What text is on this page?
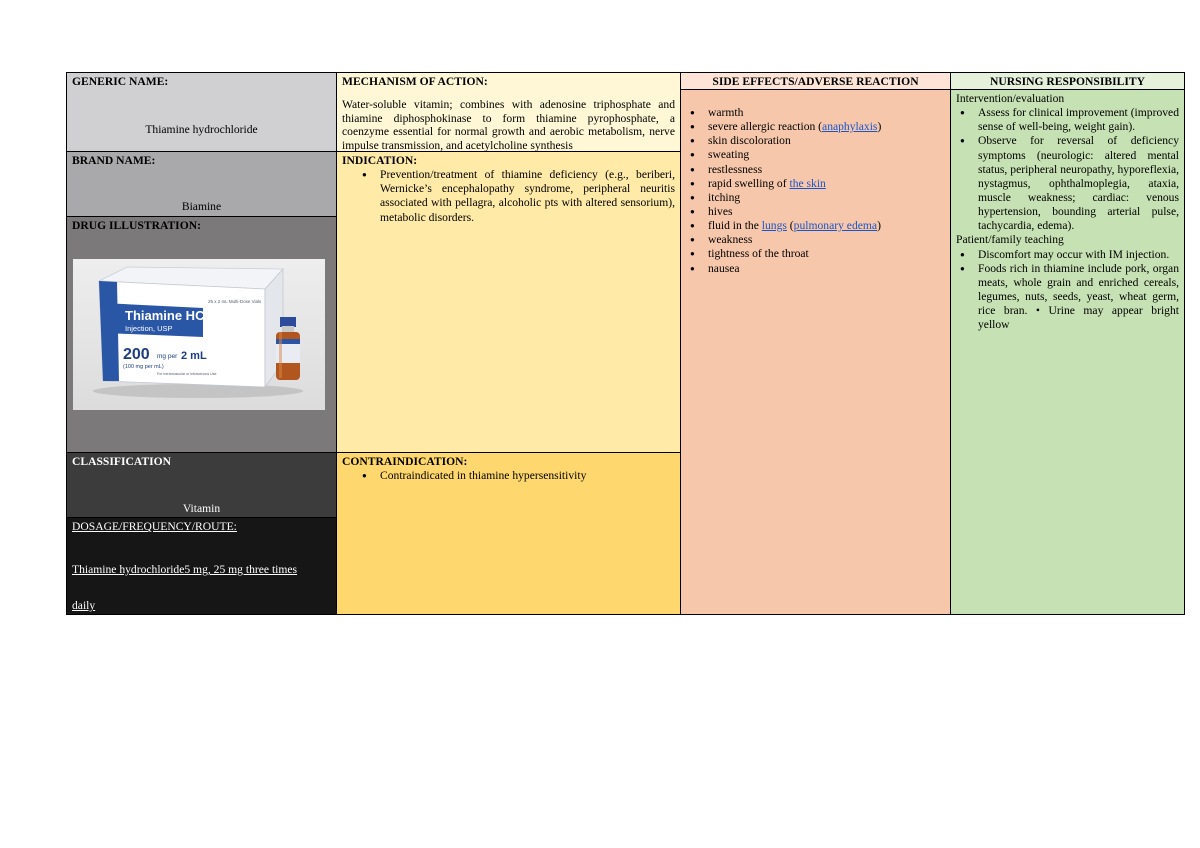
GENERIC NAME:
Thiamine hydrochloride
BRAND NAME:
Biamine
DRUG ILLUSTRATION:
Thiamine HCl
Injection, USP
200 mg per 2 mL
(100 mg per mL)
25 x 2 mL Multi-Dose Vials
For Intramuscular or Intravenous Use
CLASSIFICATION
Vitamin
DOSAGE/FREQUENCY/ROUTE:
Thiamine hydrochloride5 mg, 25 mg three times
daily
MECHANISM OF ACTION:
Water-soluble vitamin; combines with adenosine triphosphate and thiamine diphosphokinase to form thiamine pyrophosphate, a coenzyme essential for normal growth and aerobic metabolism, nerve impulse transmission, and acetylcholine synthesis
INDICATION:
● Prevention/treatment of thiamine deficiency (e.g., beriberi, Wernicke’s encephalopathy syndrome, peripheral neuritis associated with pellagra, alcoholic pts with altered sensorium), metabolic disorders.
CONTRAINDICATION:
● Contraindicated in thiamine hypersensitivity
SIDE EFFECTS/ADVERSE REACTION
● warmth
● severe allergic reaction (anaphylaxis)
● skin discoloration
● sweating
● restlessness
● rapid swelling of the skin
● itching
● hives
● fluid in the lungs (pulmonary edema)
● weakness
● tightness of the throat
● nausea
NURSING RESPONSIBILITY
Intervention/evaluation
● Assess for clinical improvement (improved sense of well-being, weight gain).
● Observe for reversal of deficiency symptoms (neurologic: altered mental status, peripheral neuropathy, hyporeflexia, nystagmus, ophthalmoplegia, ataxia, muscle weakness; cardiac: venous hypertension, bounding arterial pulse, tachycardia, edema).
Patient/family teaching
● Discomfort may occur with IM injection.
● Foods rich in thiamine include pork, organ meats, whole grain and enriched cereals, legumes, nuts, seeds, yeast, wheat germ, rice bran. • Urine may appear bright yellow
